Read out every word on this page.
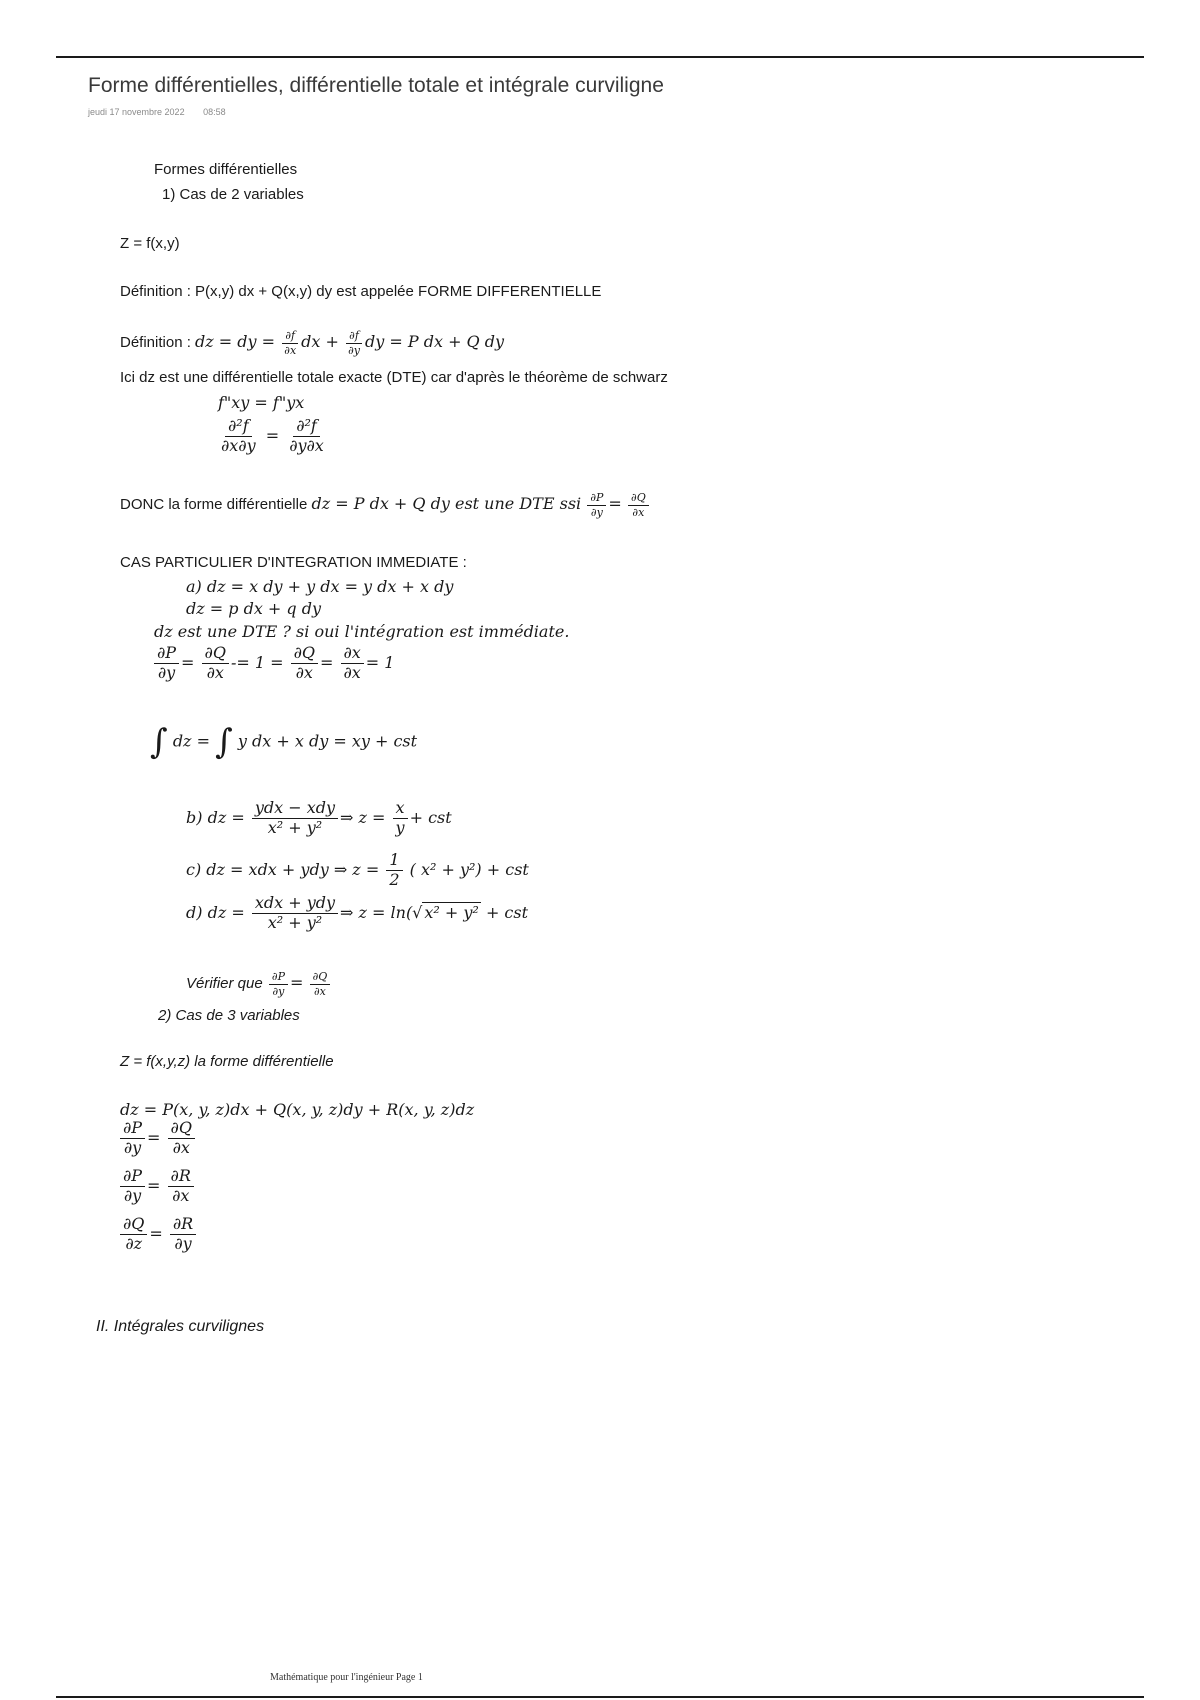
Forme différentielles, différentielle totale et intégrale curviligne
jeudi 17 novembre 2022 08:58
Formes différentielles
1) Cas de 2 variables
Z = f(x,y)
Définition : P(x,y) dx + Q(x,y) dy est appelée FORME DIFFERENTIELLE
Définition : dz = dy = $\frac{\partial f}{\partial x}$ dx + $\frac{\partial f}{\partial y}$ dy = P dx + Q dy
Ici dz est une différentielle totale exacte (DTE) car d'après le théorème de schwarz
f"xy = f"yx
$\frac{\text{∂²f}}{\partial x\partial y} = \frac{\text{∂²f}}{\partial y\partial x}$
DONC la forme différentielle dz = P dx + Q dy est une DTE ssi $\frac{\partial P}{\partial y} = \frac{\partial Q}{\partial x}$
CAS PARTICULIER D'INTEGRATION IMMEDIATE :
a) dz = x dy + y dx = y dx + x dy
dz = p dx + q dy
dz est une DTE ? si oui l'intégration est immédiate.
$\frac{\partial P}{\partial y} = \frac{\partial Q}{\partial x} -= 1 = \frac{\partial Q}{\partial x} = \frac{\partial x}{\partial x} = 1$
∫ dz = ∫ y dx + x dy = xy + cst
b) dz = $\frac{\text{ydx − xdy}}{\text{x² + y²}}$ ⇒ $z = \frac{x}{y}$ + cst
c) dz = xdx + ydy ⇒ $z = \frac{1}{2}$ ( x² + y²) + cst
d) dz = $\frac{\text{xdx + ydy}}{\text{x² + y²}}$ ⇒ z = ln(√ x² + y² + cst
Vérifier que $\frac{\partial P}{\partial y} = \frac{\partial Q}{\partial x}$
2) Cas de 3 variables
Z = f(x,y,z) la forme différentielle
dz = P(x, y, z)dx + Q(x, y, z)dy + R(x, y, z)dz
$\frac{\partial P}{\partial y} = \frac{\partial Q}{\partial x}$
$\frac{\partial P}{\partial y} = \frac{\partial R}{\partial x}$
$\frac{\partial Q}{\partial z} = \frac{\partial R}{\partial y}$
II. Intégrales curvilignes
Mathématique pour l'ingénieur Page 1
